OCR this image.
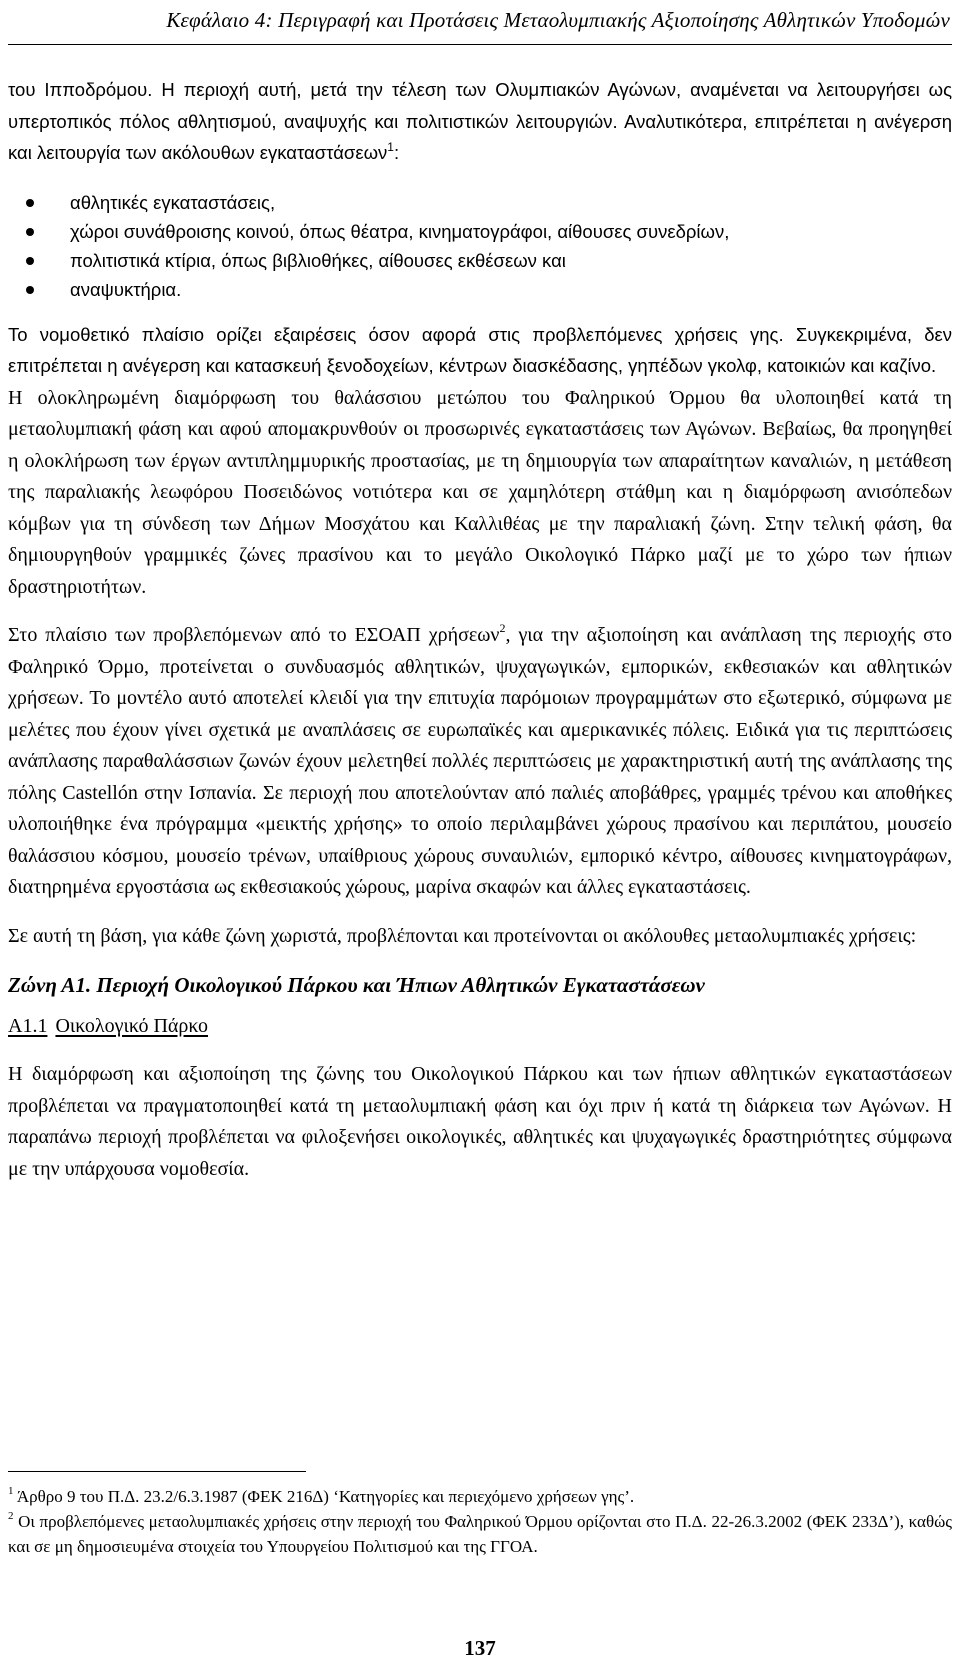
Κεφάλαιο 4: Περιγραφή και Προτάσεις Μεταολυμπιακής Αξιοποίησης Αθλητικών Υποδομών

του Ιπποδρόμου. Η περιοχή αυτή, μετά την τέλεση των Ολυμπιακών Αγώνων, αναμένεται να λειτουργήσει ως υπερτοπικός πόλος αθλητισμού, αναψυχής και πολιτιστικών λειτουργιών. Αναλυτικότερα, επιτρέπεται η ανέγερση και λειτουργία των ακόλουθων εγκαταστάσεων$^1$:

αθλητικές εγκαταστάσεις,
χώροι συνάθροισης κοινού, όπως θέατρα, κινηματογράφοι, αίθουσες συνεδρίων,
πολιτιστικά κτίρια, όπως βιβλιοθήκες, αίθουσες εκθέσεων και
αναψυκτήρια.

Το νομοθετικό πλαίσιο ορίζει εξαιρέσεις όσον αφορά στις προβλεπόμενες χρήσεις γης. Συγκεκριμένα, δεν επιτρέπεται η ανέγερση και κατασκευή ξενοδοχείων, κέντρων διασκέδασης, γηπέδων γκολφ, κατοικιών και καζίνο.

Η ολοκληρωμένη διαμόρφωση του θαλάσσιου μετώπου του Φαληρικού Όρμου θα υλοποιηθεί κατά τη μεταολυμπιακή φάση και αφού απομακρυνθούν οι προσωρινές εγκαταστάσεις των Αγώνων. Βεβαίως, θα προηγηθεί η ολοκλήρωση των έργων αντιπλημμυρικής προστασίας, με τη δημιουργία των απαραίτητων καναλιών, η μετάθεση της παραλιακής λεωφόρου Ποσειδώνος νοτιότερα και σε χαμηλότερη στάθμη και η διαμόρφωση ανισόπεδων κόμβων για τη σύνδεση των Δήμων Μοσχάτου και Καλλιθέας με την παραλιακή ζώνη. Στην τελική φάση, θα δημιουργηθούν γραμμικές ζώνες πρασίνου και το μεγάλο Οικολογικό Πάρκο μαζί με το χώρο των ήπιων δραστηριοτήτων.

Στο πλαίσιο των προβλεπόμενων από το ΕΣΟΑΠ χρήσεων$^2$, για την αξιοποίηση και ανάπλαση της περιοχής στο Φαληρικό Όρμο, προτείνεται ο συνδυασμός αθλητικών, ψυχαγωγικών, εμπορικών, εκθεσιακών και αθλητικών χρήσεων. Το μοντέλο αυτό αποτελεί κλειδί για την επιτυχία παρόμοιων προγραμμάτων στο εξωτερικό, σύμφωνα με μελέτες που έχουν γίνει σχετικά με αναπλάσεις σε ευρωπαϊκές και αμερικανικές πόλεις. Ειδικά για τις περιπτώσεις ανάπλασης παραθαλάσσιων ζωνών έχουν μελετηθεί πολλές περιπτώσεις με χαρακτηριστική αυτή της ανάπλασης της πόλης Castellón στην Ισπανία. Σε περιοχή που αποτελούνταν από παλιές αποβάθρες, γραμμές τρένου και αποθήκες υλοποιήθηκε ένα πρόγραμμα «μεικτής χρήσης» το οποίο περιλαμβάνει χώρους πρασίνου και περιπάτου, μουσείο θαλάσσιου κόσμου, μουσείο τρένων, υπαίθριους χώρους συναυλιών, εμπορικό κέντρο, αίθουσες κινηματογράφων, διατηρημένα εργοστάσια ως εκθεσιακούς χώρους, μαρίνα σκαφών και άλλες εγκαταστάσεις.

Σε αυτή τη βάση, για κάθε ζώνη χωριστά, προβλέπονται και προτείνονται οι ακόλουθες μεταολυμπιακές χρήσεις:

Ζώνη Α1. Περιοχή Οικολογικού Πάρκου και Ήπιων Αθλητικών Εγκαταστάσεων

Α1.1 Οικολογικό Πάρκο

Η διαμόρφωση και αξιοποίηση της ζώνης του Οικολογικού Πάρκου και των ήπιων αθλητικών εγκαταστάσεων προβλέπεται να πραγματοποιηθεί κατά τη μεταολυμπιακή φάση και όχι πριν ή κατά τη διάρκεια των Αγώνων. Η παραπάνω περιοχή προβλέπεται να φιλοξενήσει οικολογικές, αθλητικές και ψυχαγωγικές δραστηριότητες σύμφωνα με την υπάρχουσα νομοθεσία.

$^1$ Άρθρο 9 του Π.Δ. 23.2/6.3.1987 (ΦΕΚ 216Δ) ‘Κατηγορίες και περιεχόμενο χρήσεων γης’.

$^2$ Οι προβλεπόμενες μεταολυμπιακές χρήσεις στην περιοχή του Φαληρικού Όρμου ορίζονται στο Π.Δ. 22-26.3.2002 (ΦΕΚ 233Δ’), καθώς και σε μη δημοσιευμένα στοιχεία του Υπουργείου Πολιτισμού και της ΓΓΟΑ.

137
